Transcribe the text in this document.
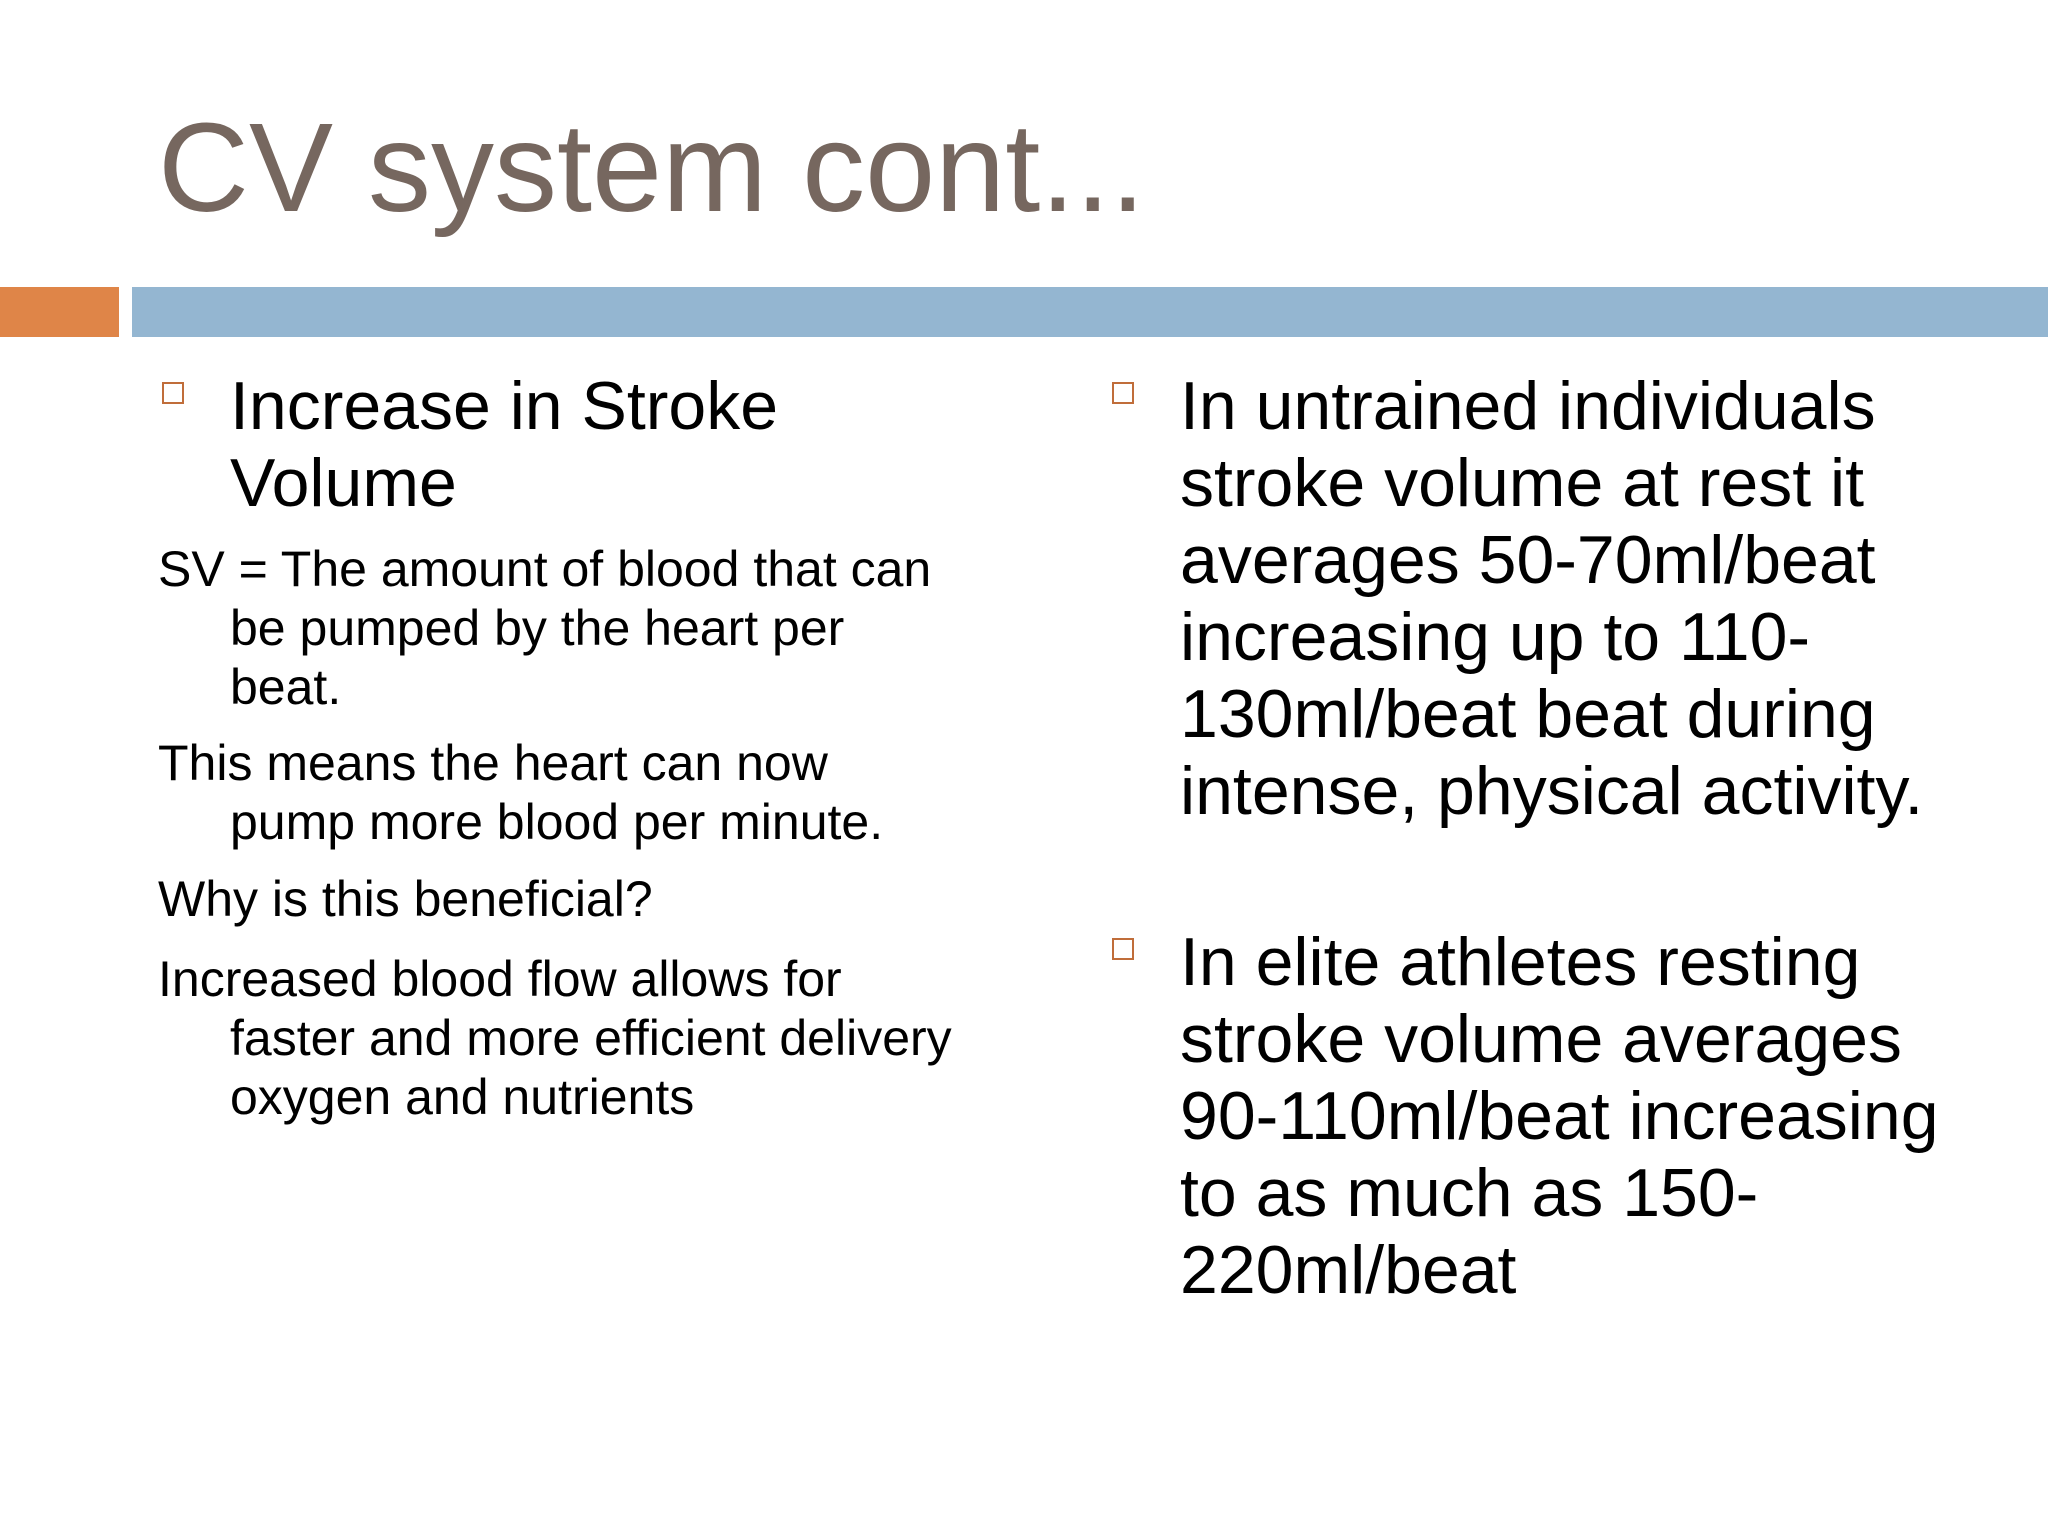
CV system cont...
Increase in Stroke Volume
SV = The amount of blood that can be pumped by the heart per beat.
This means the heart can now pump more blood per minute.
Why is this beneficial?
Increased blood flow allows for faster and more efficient delivery oxygen and nutrients
In untrained individuals stroke volume at rest it averages 50-70ml/beat increasing up to 110-130ml/beat beat during intense, physical activity.
In elite athletes resting stroke volume averages 90-110ml/beat increasing to as much as 150-220ml/beat
